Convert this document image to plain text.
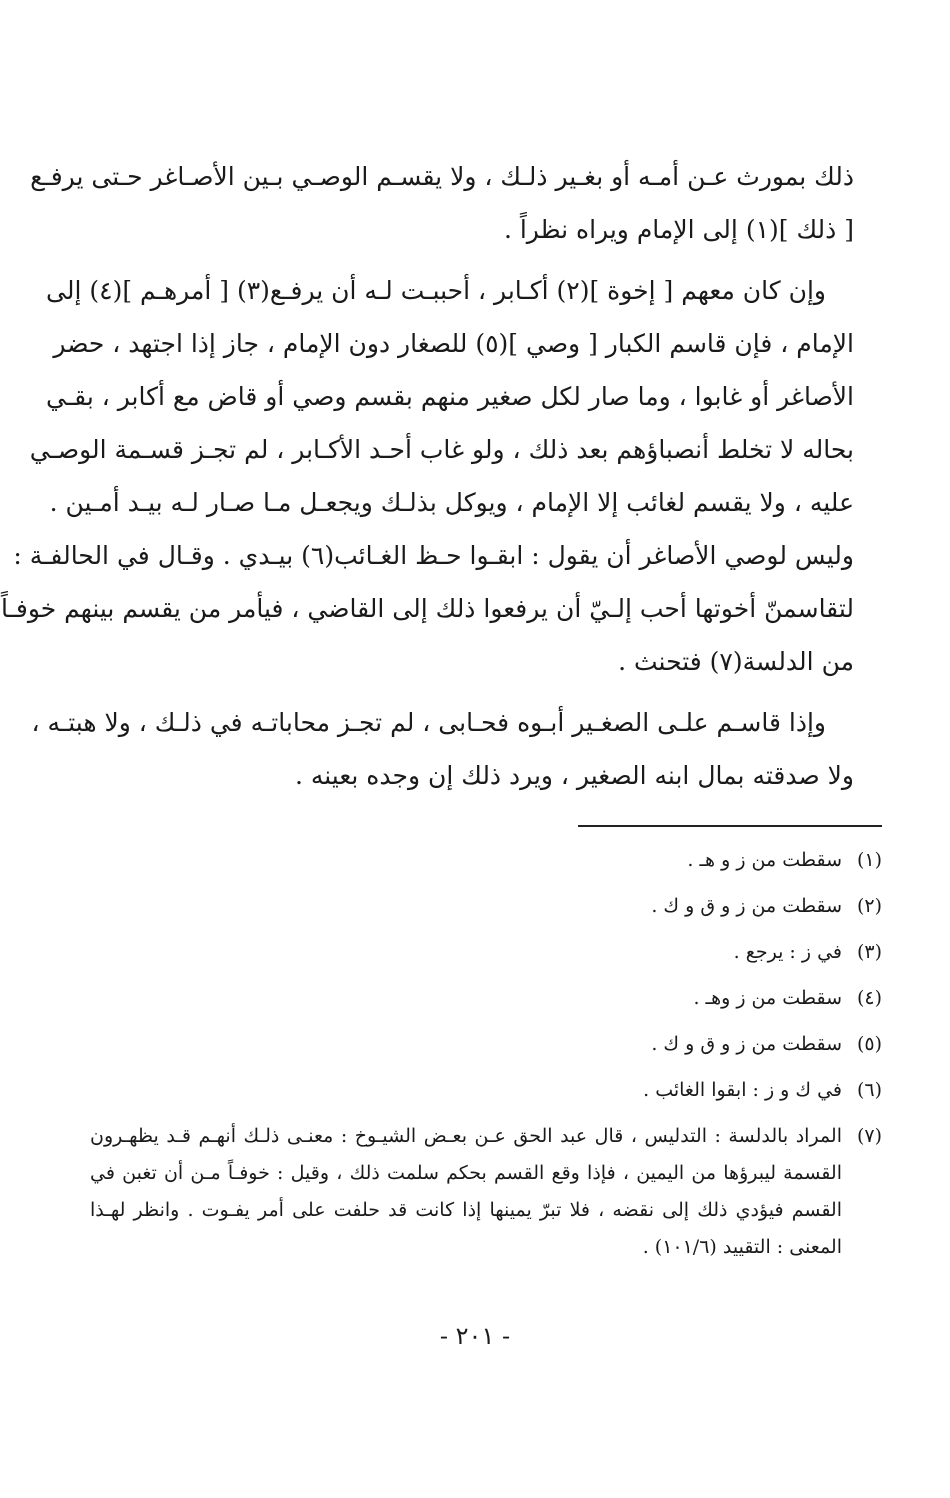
ذلك بمورث عـن أمـه أو بغـير ذلـك ، ولا يقسـم الوصـي بـين الأصـاغر حـتى يرفـع
[ ذلك ](١) إلى الإمام ويراه نظراً .
وإن كان معهم [ إخوة ](٢) أكـابر ، أحببـت لـه أن يرفـع(٣) [ أمرهـم ](٤) إلى
الإمام ، فإن قاسم الكبار [ وصي ](٥) للصغار دون الإمام ، جاز إذا اجتهد ، حضر
الأصاغر أو غابوا ، وما صار لكل صغير منهم بقسم وصي أو قاض مع أكابر ، بقـي
بحاله لا تخلط أنصباؤهم بعد ذلك ، ولو غاب أحـد الأكـابر ، لم تجـز قسـمة الوصـي
عليه ، ولا يقسم لغائب إلا الإمام ، ويوكل بذلـك ويجعـل مـا صـار لـه بيـد أمـين .
وليس لوصي الأصاغر أن يقول : ابقـوا حـظ الغـائب(٦) بيـدي . وقـال في الحالفـة :
لتقاسمنّ أخوتها أحب إلـيّ أن يرفعوا ذلك إلى القاضي ، فيأمر من يقسم بينهم خوفـاً
من الدلسة(٧) فتحنث .
وإذا قاسـم علـى الصغـير أبـوه فحـابى ، لم تجـز محاباتـه في ذلـك ، ولا هبتـه ،
ولا صدقته بمال ابنه الصغير ، ويرد ذلك إن وجده بعينه .
(١)
سقطت من ز و هـ .
(٢)
سقطت من ز و ق و ك .
(٣)
في ز : يرجع .
(٤)
سقطت من ز وهـ .
(٥)
سقطت من ز و ق و ك .
(٦)
في ك و ز : ابقوا الغائب .
(٧)
المراد بالدلسة : التدليس ، قال عبد الحق عـن بعـض الشيـوخ : معنـى ذلـك أنهـم قـد يظهـرون
القسمة ليبرؤها من اليمين ، فإذا وقع القسم بحكم سلمت ذلك ، وقيل : خوفـاً مـن أن تغبن في
القسم فيؤدي ذلك إلى نقضه ، فلا تبرّ يمينها إذا كانت قد حلفت على أمر يفـوت . وانظر لهـذا
المعنى : التقييد (١٠١/٦) .
- ٢٠١ -
